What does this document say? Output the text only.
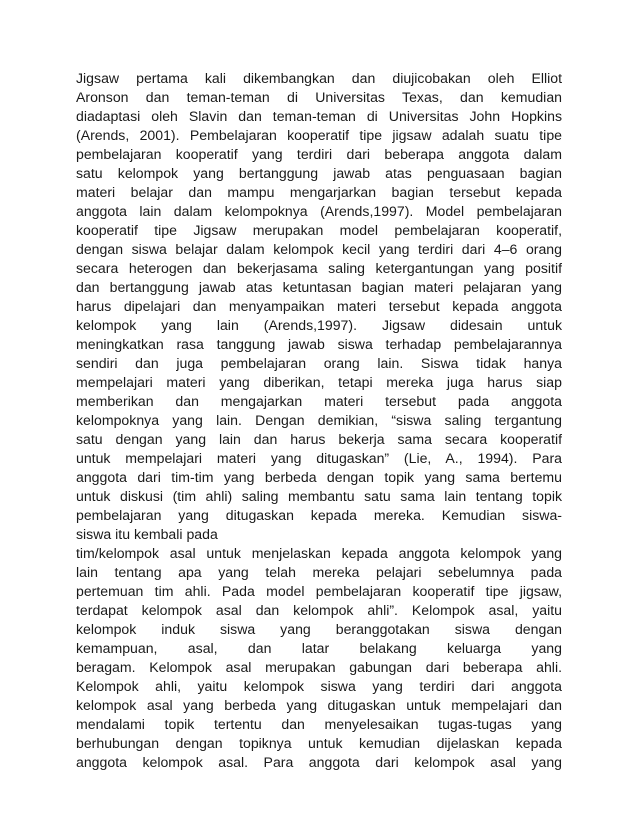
Jigsaw pertama kali dikembangkan dan diujicobakan oleh Elliot
Aronson dan teman-teman di Universitas Texas, dan kemudian
diadaptasi oleh Slavin dan teman-teman di Universitas John Hopkins
(Arends, 2001). Pembelajaran kooperatif tipe jigsaw adalah suatu tipe
pembelajaran kooperatif yang terdiri dari beberapa anggota dalam
satu kelompok yang bertanggung jawab atas penguasaan bagian
materi belajar dan mampu mengarjarkan bagian tersebut kepada
anggota lain dalam kelompoknya (Arends,1997). Model pembelajaran
kooperatif tipe Jigsaw merupakan model pembelajaran kooperatif,
dengan siswa belajar dalam kelompok kecil yang terdiri dari 4–6 orang
secara heterogen dan bekerjasama saling ketergantungan yang positif
dan bertanggung jawab atas ketuntasan bagian materi pelajaran yang
harus dipelajari dan menyampaikan materi tersebut kepada anggota
kelompok yang lain (Arends,1997). Jigsaw didesain untuk
meningkatkan rasa tanggung jawab siswa terhadap pembelajarannya
sendiri dan juga pembelajaran orang lain. Siswa tidak hanya
mempelajari materi yang diberikan, tetapi mereka juga harus siap
memberikan dan mengajarkan materi tersebut pada anggota
kelompoknya yang lain. Dengan demikian, “siswa saling tergantung
satu dengan yang lain dan harus bekerja sama secara kooperatif
untuk mempelajari materi yang ditugaskan” (Lie, A., 1994). Para
anggota dari tim-tim yang berbeda dengan topik yang sama bertemu
untuk diskusi (tim ahli) saling membantu satu sama lain tentang topik
pembelajaran yang ditugaskan kepada mereka. Kemudian siswa-
siswa itu kembali pada
tim/kelompok asal untuk menjelaskan kepada anggota kelompok yang
lain tentang apa yang telah mereka pelajari sebelumnya pada
pertemuan tim ahli. Pada model pembelajaran kooperatif tipe jigsaw,
terdapat kelompok asal dan kelompok ahli”. Kelompok asal, yaitu
kelompok induk siswa yang beranggotakan siswa dengan
kemampuan, asal, dan latar belakang keluarga yang
beragam. Kelompok asal merupakan gabungan dari beberapa ahli.
Kelompok ahli, yaitu kelompok siswa yang terdiri dari anggota
kelompok asal yang berbeda yang ditugaskan untuk mempelajari dan
mendalami topik tertentu dan menyelesaikan tugas-tugas yang
berhubungan dengan topiknya untuk kemudian dijelaskan kepada
anggota kelompok asal. Para anggota dari kelompok asal yang
